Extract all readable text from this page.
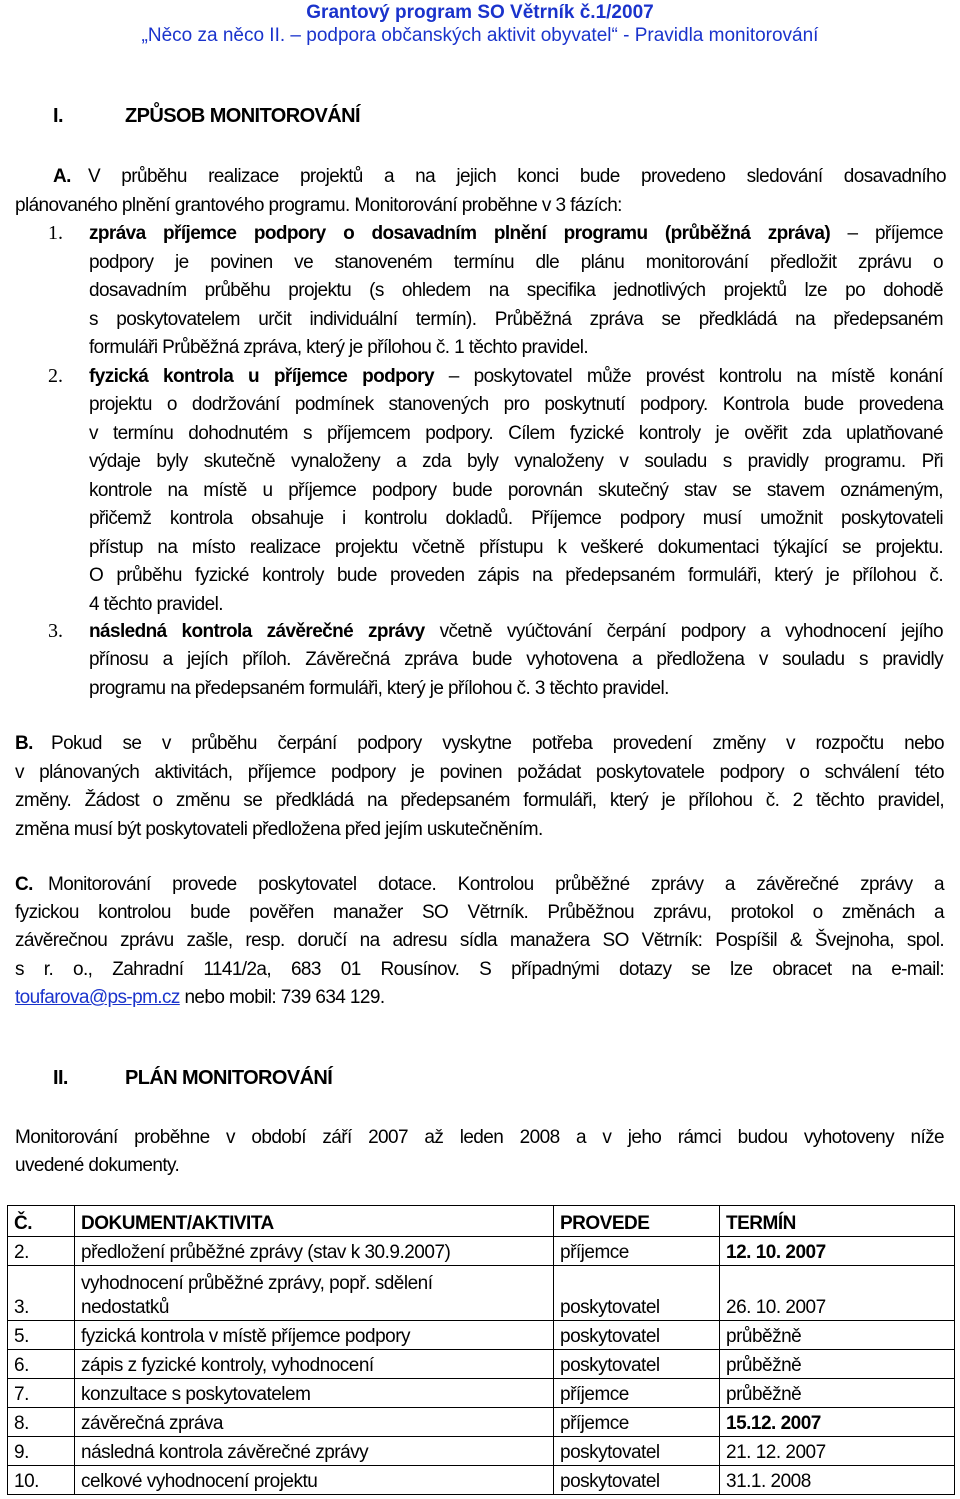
Grantový program SO Větrník č.1/2007
„Něco za něco II. – podpora občanských aktivit obyvatel“ - Pravidla monitorování
I.	ZPŮSOB MONITOROVÁNÍ
A. V průběhu realizace projektů a na jejich konci bude provedeno sledování dosavadního
plánovaného plnění grantového programu. Monitorování proběhne v 3 fázích:
1. zpráva příjemce podpory o dosavadním plnění programu (průběžná zpráva) – příjemce
podpory je povinen ve stanoveném termínu dle plánu monitorování předložit zprávu o
dosavadním průběhu projektu (s ohledem na specifika jednotlivých projektů lze po dohodě
s poskytovatelem určit individuální termín). Průběžná zpráva se předkládá na předepsaném
formuláři Průběžná zpráva, který je přílohou č. 1 těchto pravidel.
2. fyzická kontrola u příjemce podpory – poskytovatel může provést kontrolu na místě konání
projektu o dodržování podmínek stanovených pro poskytnutí podpory. Kontrola bude provedena
v termínu dohodnutém s příjemcem podpory. Cílem fyzické kontroly je ověřit zda uplatňované
výdaje byly skutečně vynaloženy a zda byly vynaloženy v souladu s pravidly programu. Při
kontrole na místě u příjemce podpory bude porovnán skutečný stav se stavem oznámeným,
přičemž kontrola obsahuje i kontrolu dokladů. Příjemce podpory musí umožnit poskytovateli
přístup na místo realizace projektu včetně přístupu k veškeré dokumentaci týkající se projektu.
O průběhu fyzické kontroly bude proveden zápis na předepsaném formuláři, který je přílohou č.
4 těchto pravidel.
3. následná kontrola závěrečné zprávy včetně vyúčtování čerpání podpory a vyhodnocení jejího
přínosu a jejích příloh. Závěrečná zpráva bude vyhotovena a předložena v souladu s pravidly
programu na předepsaném formuláři, který je přílohou č. 3 těchto pravidel.
B. Pokud se v průběhu čerpání podpory vyskytne potřeba provedení změny v rozpočtu nebo
v plánovaných aktivitách, příjemce podpory je povinen požádat poskytovatele podpory o schválení této
změny. Žádost o změnu se předkládá na předepsaném formuláři, který je přílohou č. 2 těchto pravidel,
změna musí být poskytovateli předložena před jejím uskutečněním.
C. Monitorování provede poskytovatel dotace. Kontrolou průběžné zprávy a závěrečné zprávy a
fyzickou kontrolou bude pověřen manažer SO Větrník. Průběžnou zprávu, protokol o změnách a
závěrečnou zprávu zašle, resp. doručí na adresu sídla manažera SO Větrník: Pospíšil & Švejnoha, spol.
s r. o., Zahradní 1141/2a, 683 01 Rousínov. S případnými dotazy se lze obracet na e-mail:
toufarova@ps-pm.cz nebo mobil: 739 634 129.
II.	PLÁN MONITOROVÁNÍ
Monitorování proběhne v období září 2007 až leden 2008 a v jeho rámci budou vyhotoveny níže
uvedené dokumenty.
Č.	DOKUMENT/AKTIVITA	PROVEDE	TERMÍN
2.	předložení průběžné zprávy (stav k 30.9.2007)	příjemce	12. 10. 2007
3.	vyhodnocení průběžné zprávy, popř. sdělení
nedostatků	poskytovatel	26. 10. 2007
5.	fyzická kontrola v místě příjemce podpory	poskytovatel	průběžně
6.	zápis z fyzické kontroly, vyhodnocení	poskytovatel	průběžně
7.	konzultace s poskytovatelem	příjemce	průběžně
8.	závěrečná zpráva	příjemce	15.12. 2007
9.	následná kontrola závěrečné zprávy	poskytovatel	21. 12. 2007
10.	celkové vyhodnocení projektu	poskytovatel	31.1. 2008
